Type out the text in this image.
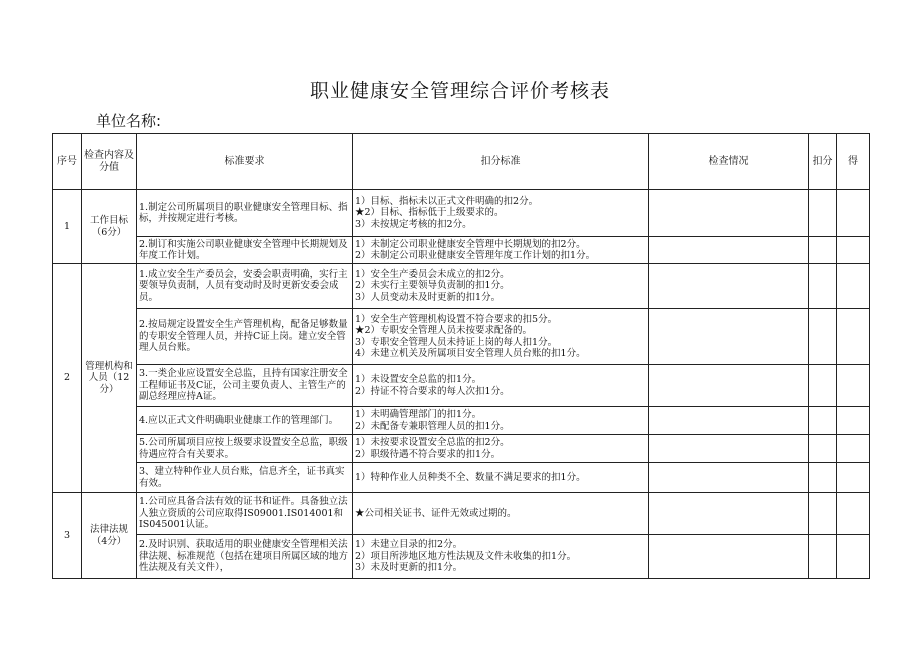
职业健康安全管理综合评价考核表
单位名称:
序号	检查内容及分值	标准要求	扣分标准	检查情况	扣分	得
1	工作目标（6分）	1.制定公司所属项目的职业健康安全管理目标、指标，并按规定进行考核。	1）目标、指标未以正式文件明确的扣2分。
★2）目标、指标低于上级要求的。
3）未按规定考核的扣2分。			

		2.制订和实施公司职业健康安全管理中长期规划及年度工作计划。	1）未制定公司职业健康安全管理中长期规划的扣2分。
2）未制定公司职业健康安全管理年度工作计划的扣1分。			

2	管理机构和人员（12分）	1.成立安全生产委员会，安委会职责明确，实行主要领导负责制，人员有变动时及时更新安委会成员。	1）安全生产委员会未成立的扣2分。
2）未实行主要领导负责制的扣1分。
3）人员变动未及时更新的扣1分。			

		2.按局规定设置安全生产管理机构，配备足够数量的专职安全管理人员，并持C证上岗。建立安全管理人员台账。	1）安全生产管理机构设置不符合要求的扣5分。
★2）专职安全管理人员未按要求配备的。
3）专职安全管理人员未持证上岗的每人扣1分。
4）未建立机关及所属项目安全管理人员台账的扣1分。			

		3.一类企业应设置安全总监，且持有国家注册安全工程师证书及C证，公司主要负责人、主管生产的副总经理应持A证。	1）未设置安全总监的扣1分。
2）持证不符合要求的每人次扣1分。			

		4.应以正式文件明确职业健康工作的管理部门。	1）未明确管理部门的扣1分。
2）未配备专兼职管理人员的扣1分。			

		5.公司所属项目应按上级要求设置安全总监，职级待遇应符合有关要求。	1）未按要求设置安全总监的扣2分。
2）职级待遇不符合要求的扣1分。			

		3、建立特种作业人员台账，信息齐全，证书真实有效。	1）特种作业人员种类不全、数量不满足要求的扣1分。			

3	法律法规（4分）	1.公司应具备合法有效的证书和证件。具备独立法人独立资质的公司应取得IS09001.IS014001和IS045001认证。	★公司相关证书、证件无效或过期的。			

		2.及时识别、获取适用的职业健康安全管理相关法律法规、标准规范（包括在建项目所属区域的地方性法规及有关文件），	1）未建立目录的扣2分。
2）项目所涉地区地方性法规及文件未收集的扣1分。
3）未及时更新的扣1分。			
